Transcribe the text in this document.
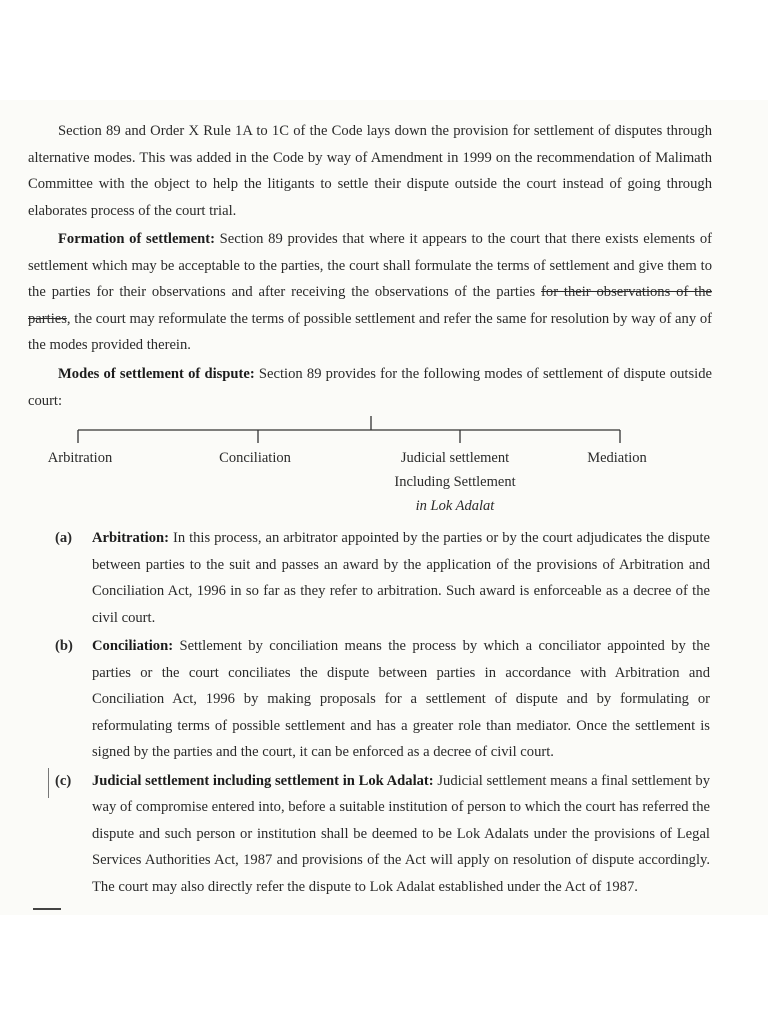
Section 89 and Order X Rule 1A to 1C of the Code lays down the provision for settlement of disputes through alternative modes. This was added in the Code by way of Amendment in 1999 on the recommendation of Malimath Committee with the object to help the litigants to settle their dispute outside the court instead of going through elaborates process of the court trial.

Formation of settlement: Section 89 provides that where it appears to the court that there exists elements of settlement which may be acceptable to the parties, the court shall formulate the terms of settlement and give them to the parties for their observations and after receiving the observations of the parties for their observations of the parties, the court may reformulate the terms of possible settlement and refer the same for resolution by way of any of the modes provided therein.

Modes of settlement of dispute: Section 89 provides for the following modes of settlement of dispute outside court:

Arbitration	Conciliation	Judicial settlement
Including Settlement
in Lok Adalat
Mediation

(a) Arbitration: In this process, an arbitrator appointed by the parties or by the court adjudicates the dispute between parties to the suit and passes an award by the application of the provisions of Arbitration and Conciliation Act, 1996 in so far as they refer to arbitration. Such award is enforceable as a decree of the civil court.

(b) Conciliation: Settlement by conciliation means the process by which a conciliator appointed by the parties or the court conciliates the dispute between parties in accordance with Arbitration and Conciliation Act, 1996 by making proposals for a settlement of dispute and by formulating or reformulating terms of possible settlement and has a greater role than mediator. Once the settlement is signed by the parties and the court, it can be enforced as a decree of civil court.

(c) Judicial settlement including settlement in Lok Adalat: Judicial settlement means a final settlement by way of compromise entered into, before a suitable institution of person to which the court has referred the dispute and such person or institution shall be deemed to be Lok Adalats under the provisions of Legal Services Authorities Act, 1987 and provisions of the Act will apply on resolution of dispute accordingly. The court may also directly refer the dispute to Lok Adalat established under the Act of 1987.
